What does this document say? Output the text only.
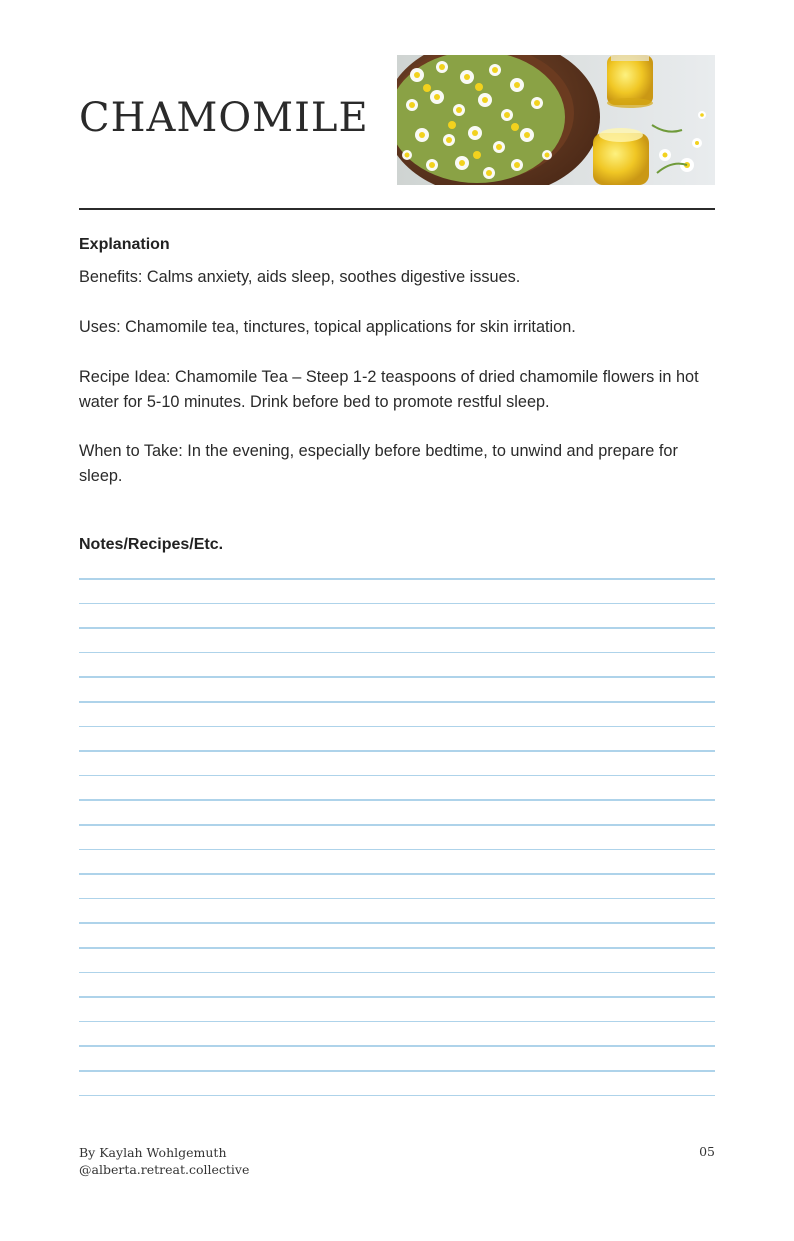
CHAMOMILE
Explanation

Benefits: Calms anxiety, aids sleep, soothes digestive issues.

Uses: Chamomile tea, tinctures, topical applications for skin irritation.

Recipe Idea: Chamomile Tea – Steep 1-2 teaspoons of dried chamomile flowers in hot water for 5-10 minutes. Drink before bed to promote restful sleep.

When to Take: In the evening, especially before bedtime, to unwind and prepare for sleep.

Notes/Recipes/Etc.
By Kaylah Wohlgemuth
@alberta.retreat.collective
05
